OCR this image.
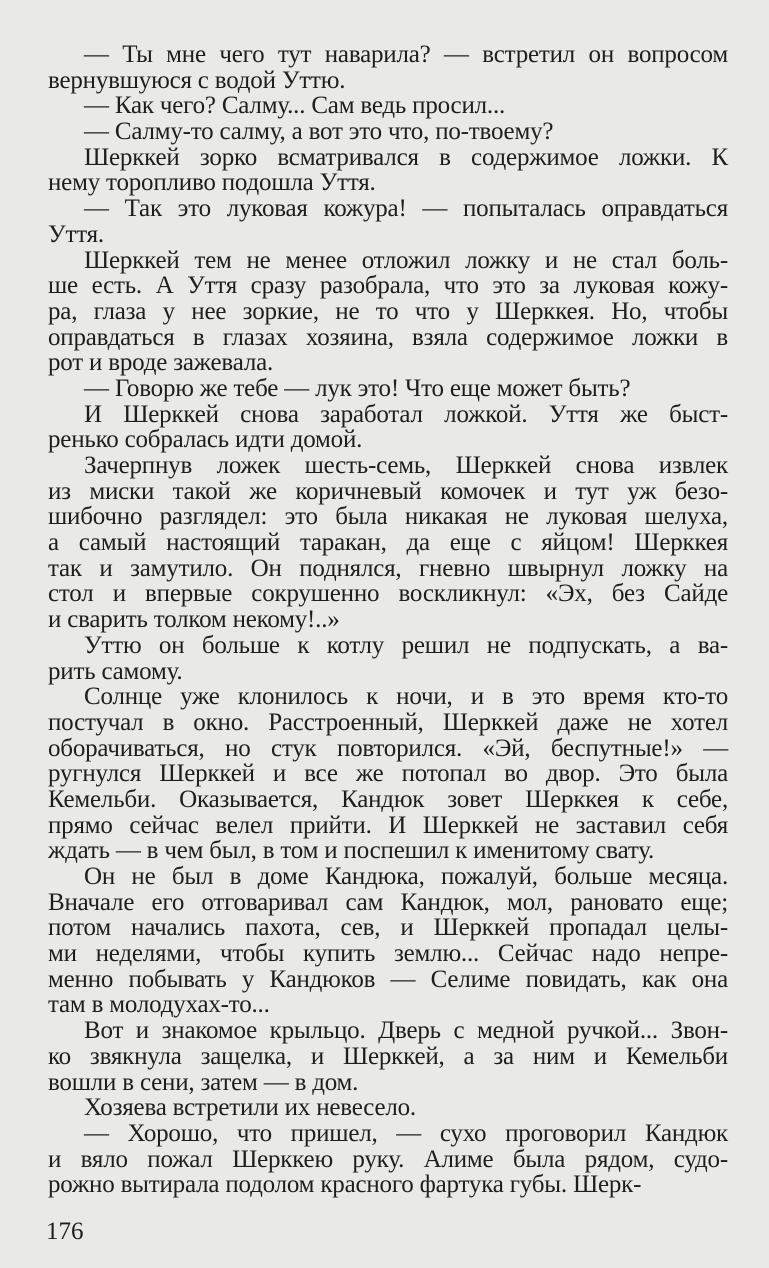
— Ты мне чего тут наварила? — встретил он вопросом
вернувшуюся с водой Уттю.
— Как чего? Салму... Сам ведь просил...
— Салму-то салму, а вот это что, по-твоему?
Шерккей зорко всматривался в содержимое ложки. К
нему торопливо подошла Уття.
— Так это луковая кожура! — попыталась оправдаться
Уття.
Шерккей тем не менее отложил ложку и не стал боль-
ше есть. А Уття сразу разобрала, что это за луковая кожу-
ра, глаза у нее зоркие, не то что у Шерккея. Но, чтобы
оправдаться в глазах хозяина, взяла содержимое ложки в
рот и вроде зажевала.
— Говорю же тебе — лук это! Что еще может быть?
И Шерккей снова заработал ложкой. Уття же быст-
ренько собралась идти домой.
Зачерпнув ложек шесть-семь, Шерккей снова извлек
из миски такой же коричневый комочек и тут уж безо-
шибочно разглядел: это была никакая не луковая шелуха,
а самый настоящий таракан, да еще с яйцом! Шерккея
так и замутило. Он поднялся, гневно швырнул ложку на
стол и впервые сокрушенно воскликнул: «Эх, без Сайде
и сварить толком некому!..»
Уттю он больше к котлу решил не подпускать, а ва-
рить самому.
Солнце уже клонилось к ночи, и в это время кто-то
постучал в окно. Расстроенный, Шерккей даже не хотел
оборачиваться, но стук повторился. «Эй, беспутные!» —
ругнулся Шерккей и все же потопал во двор. Это была
Кемельби. Оказывается, Кандюк зовет Шерккея к себе,
прямо сейчас велел прийти. И Шерккей не заставил себя
ждать — в чем был, в том и поспешил к именитому свату.
Он не был в доме Кандюка, пожалуй, больше месяца.
Вначале его отговаривал сам Кандюк, мол, рановато еще;
потом начались пахота, сев, и Шерккей пропадал целы-
ми неделями, чтобы купить землю... Сейчас надо непре-
менно побывать у Кандюков — Селиме повидать, как она
там в молодухах-то...
Вот и знакомое крыльцо. Дверь с медной ручкой... Звон-
ко звякнула защелка, и Шерккей, а за ним и Кемельби
вошли в сени, затем — в дом.
Хозяева встретили их невесело.
— Хорошо, что пришел, — сухо проговорил Кандюк
и вяло пожал Шерккею руку. Алиме была рядом, судо-
рожно вытирала подолом красного фартука губы. Шерк-
176
